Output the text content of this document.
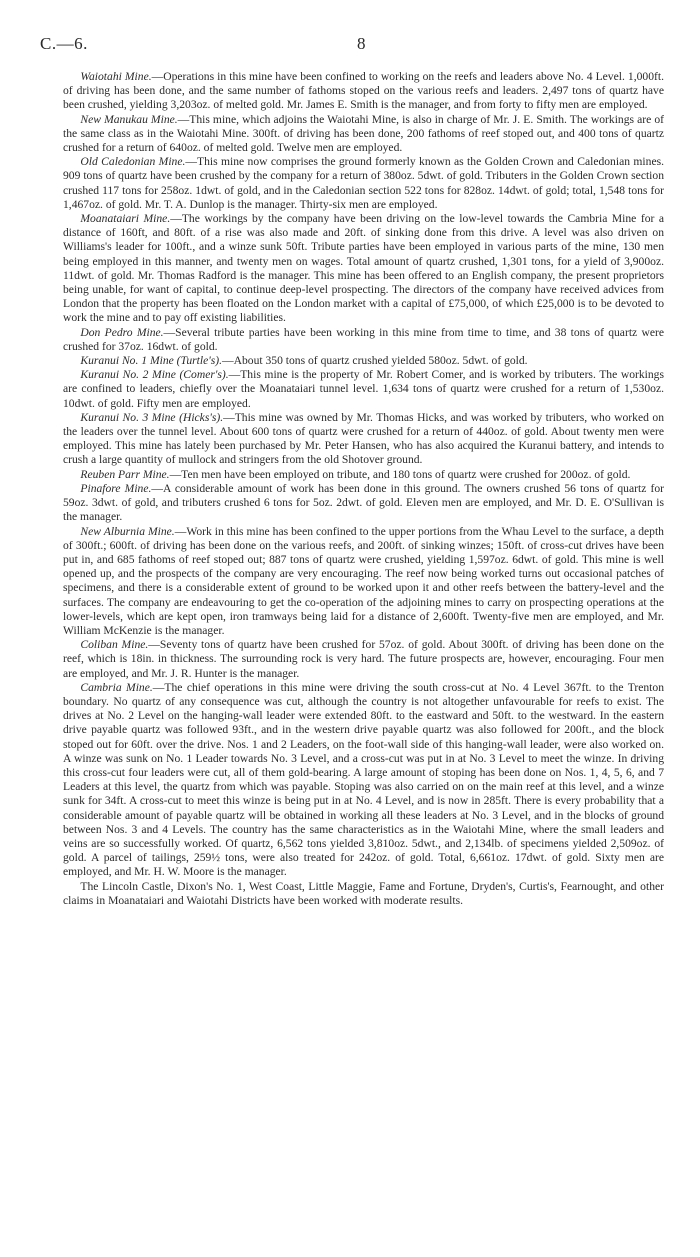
C.—6.	8

  Waiotahi Mine.—Operations in this mine have been confined to working on the reefs and leaders above No. 4 Level. 1,000ft. of driving has been done, and the same number of fathoms stoped on the various reefs and leaders. 2,497 tons of quartz have been crushed, yielding 3,203oz. of melted gold. Mr. James E. Smith is the manager, and from forty to fifty men are employed.

  New Manukau Mine.—This mine, which adjoins the Waiotahi Mine, is also in charge of Mr. J. E. Smith. The workings are of the same class as in the Waiotahi Mine. 300ft. of driving has been done, 200 fathoms of reef stoped out, and 400 tons of quartz crushed for a return of 640oz. of melted gold. Twelve men are employed.

  Old Caledonian Mine.—This mine now comprises the ground formerly known as the Golden Crown and Caledonian mines. 909 tons of quartz have been crushed by the company for a return of 380oz. 5dwt. of gold. Tributers in the Golden Crown section crushed 117 tons for 258oz. 1dwt. of gold, and in the Caledonian section 522 tons for 828oz. 14dwt. of gold; total, 1,548 tons for 1,467oz. of gold. Mr. T. A. Dunlop is the manager. Thirty-six men are employed.

  Moanataiari Mine.—The workings by the company have been driving on the low-level towards the Cambria Mine for a distance of 160ft, and 80ft. of a rise was also made and 20ft. of sinking done from this drive. A level was also driven on Williams's leader for 100ft., and a winze sunk 50ft. Tribute parties have been employed in various parts of the mine, 130 men being employed in this manner, and twenty men on wages. Total amount of quartz crushed, 1,301 tons, for a yield of 3,900oz. 11dwt. of gold. Mr. Thomas Radford is the manager. This mine has been offered to an English company, the present proprietors being unable, for want of capital, to continue deep-level prospecting. The directors of the company have received advices from London that the property has been floated on the London market with a capital of £75,000, of which £25,000 is to be devoted to work the mine and to pay off existing liabilities.

  Don Pedro Mine.—Several tribute parties have been working in this mine from time to time, and 38 tons of quartz were crushed for 37oz. 16dwt. of gold.

  Kuranui No. 1 Mine (Turtle's).—About 350 tons of quartz crushed yielded 580oz. 5dwt. of gold.

  Kuranui No. 2 Mine (Comer's).—This mine is the property of Mr. Robert Comer, and is worked by tributers. The workings are confined to leaders, chiefly over the Moanataiari tunnel level. 1,634 tons of quartz were crushed for a return of 1,530oz. 10dwt. of gold. Fifty men are employed.

  Kuranui No. 3 Mine (Hicks's).—This mine was owned by Mr. Thomas Hicks, and was worked by tributers, who worked on the leaders over the tunnel level. About 600 tons of quartz were crushed for a return of 440oz. of gold. About twenty men were employed. This mine has lately been purchased by Mr. Peter Hansen, who has also acquired the Kuranui battery, and intends to crush a large quantity of mullock and stringers from the old Shotover ground.

  Reuben Parr Mine.—Ten men have been employed on tribute, and 180 tons of quartz were crushed for 200oz. of gold.

  Pinafore Mine.—A considerable amount of work has been done in this ground. The owners crushed 56 tons of quartz for 59oz. 3dwt. of gold, and tributers crushed 6 tons for 5oz. 2dwt. of gold. Eleven men are employed, and Mr. D. E. O'Sullivan is the manager.

  New Alburnia Mine.—Work in this mine has been confined to the upper portions from the Whau Level to the surface, a depth of 300ft.; 600ft. of driving has been done on the various reefs, and 200ft. of sinking winzes; 150ft. of cross-cut drives have been put in, and 685 fathoms of reef stoped out; 887 tons of quartz were crushed, yielding 1,597oz. 6dwt. of gold. This mine is well opened up, and the prospects of the company are very encouraging. The reef now being worked turns out occasional patches of specimens, and there is a considerable extent of ground to be worked upon it and other reefs between the battery-level and the surfaces. The company are endeavouring to get the co-operation of the adjoining mines to carry on prospecting operations at the lower-levels, which are kept open, iron tramways being laid for a distance of 2,600ft. Twenty-five men are employed, and Mr. William McKenzie is the manager.

  Coliban Mine.—Seventy tons of quartz have been crushed for 57oz. of gold. About 300ft. of driving has been done on the reef, which is 18in. in thickness. The surrounding rock is very hard. The future prospects are, however, encouraging. Four men are employed, and Mr. J. R. Hunter is the manager.

  Cambria Mine.—The chief operations in this mine were driving the south cross-cut at No. 4 Level 367ft. to the Trenton boundary. No quartz of any consequence was cut, although the country is not altogether unfavourable for reefs to exist. The drives at No. 2 Level on the hanging-wall leader were extended 80ft. to the eastward and 50ft. to the westward. In the eastern drive payable quartz was followed 93ft., and in the western drive payable quartz was also followed for 200ft., and the block stoped out for 60ft. over the drive. Nos. 1 and 2 Leaders, on the foot-wall side of this hanging-wall leader, were also worked on. A winze was sunk on No. 1 Leader towards No. 3 Level, and a cross-cut was put in at No. 3 Level to meet the winze. In driving this cross-cut four leaders were cut, all of them gold-bearing. A large amount of stoping has been done on Nos. 1, 4, 5, 6, and 7 Leaders at this level, the quartz from which was payable. Stoping was also carried on on the main reef at this level, and a winze sunk for 34ft. A cross-cut to meet this winze is being put in at No. 4 Level, and is now in 285ft. There is every probability that a considerable amount of payable quartz will be obtained in working all these leaders at No. 3 Level, and in the blocks of ground between Nos. 3 and 4 Levels. The country has the same characteristics as in the Waiotahi Mine, where the small leaders and veins are so successfully worked. Of quartz, 6,562 tons yielded 3,810oz. 5dwt., and 2,134lb. of specimens yielded 2,509oz. of gold. A parcel of tailings, 259½ tons, were also treated for 242oz. of gold. Total, 6,661oz. 17dwt. of gold. Sixty men are employed, and Mr. H. W. Moore is the manager.

  The Lincoln Castle, Dixon's No. 1, West Coast, Little Maggie, Fame and Fortune, Dryden's, Curtis's, Fearnought, and other claims in Moanataiari and Waiotahi Districts have been worked with moderate results.
